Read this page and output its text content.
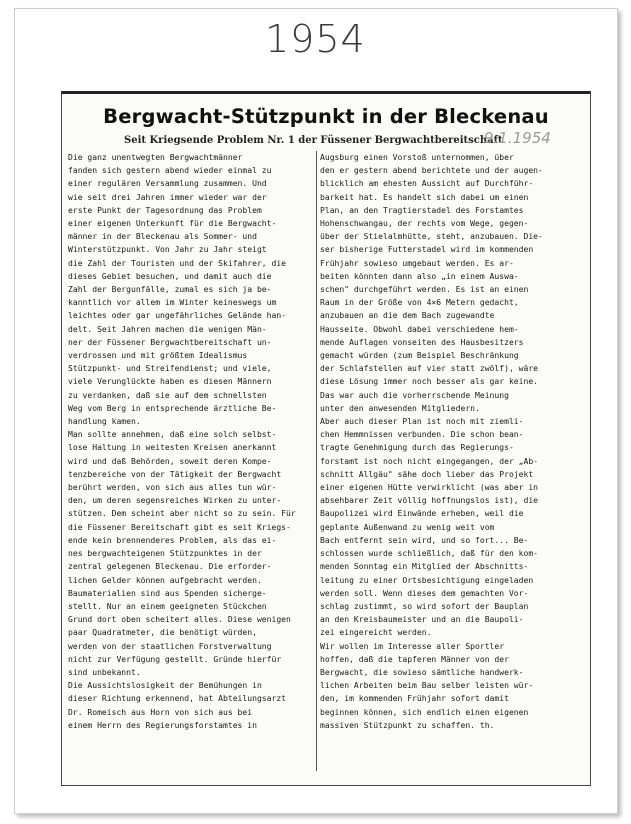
1954
Bergwacht-Stützpunkt in der Bleckenau
Seit Kriegsende Problem Nr. 1 der Füssener Bergwachtbereitschaft
9.1.1954
Die ganz unentwegten Bergwachtmänner
fanden sich gestern abend wieder einmal zu
einer regulären Versammlung zusammen. Und
wie seit drei Jahren immer wieder war der
erste Punkt der Tagesordnung das Problem
einer eigenen Unterkunft für die Bergwacht-
männer in der Bleckenau als Sommer- und
Winterstützpunkt. Von Jahr zu Jahr steigt
die Zahl der Touristen und der Skifahrer, die
dieses Gebiet besuchen, und damit auch die
Zahl der Bergunfälle, zumal es sich ja be-
kanntlich vor allem im Winter keineswegs um
leichtes oder gar ungefährliches Gelände han-
delt. Seit Jahren machen die wenigen Män-
ner der Füssener Bergwachtbereitschaft un-
verdrossen und mit größtem Idealismus
Stützpunkt- und Streifendienst; und viele,
viele Verunglückte haben es diesen Männern
zu verdanken, daß sie auf dem schnellsten
Weg vom Berg in entsprechende ärztliche Be-
handlung kamen.
Man sollte annehmen, daß eine solch selbst-
lose Haltung in weitesten Kreisen anerkannt
wird und daß Behörden, soweit deren Kompe-
tenzbereiche von der Tätigkeit der Bergwacht
berührt werden, von sich aus alles tun wür-
den, um deren segensreiches Wirken zu unter-
stützen. Dem scheint aber nicht so zu sein. Für
die Füssener Bereitschaft gibt es seit Kriegs-
ende kein brennenderes Problem, als das ei-
nes bergwachteigenen Stützpunktes in der
zentral gelegenen Bleckenau. Die erforder-
lichen Gelder können aufgebracht werden.
Baumaterialien sind aus Spenden sicherge-
stellt. Nur an einem geeigneten Stückchen
Grund dort oben scheitert alles. Diese wenigen
paar Quadratmeter, die benötigt würden,
werden von der staatlichen Forstverwaltung
nicht zur Verfügung gestellt. Gründe hierfür
sind unbekannt.
Die Aussichtslosigkeit der Bemühungen in
dieser Richtung erkennend, hat Abteilungsarzt
Dr. Romeisch aus Horn von sich aus bei
einem Herrn des Regierungsforstamtes in
Augsburg einen Vorstoß unternommen, über
den er gestern abend berichtete und der augen-
blicklich am ehesten Aussicht auf Durchführ-
barkeit hat. Es handelt sich dabei um einen
Plan, an den Tragtierstadel des Forstamtes
Hohenschwangau, der rechts vom Wege, gegen-
über der Stielalmhütte, steht, anzubauen. Die-
ser bisherige Futterstadel wird im kommenden
Frühjahr sowieso umgebaut werden. Es ar-
beiten könnten dann also „in einem Auswa-
schen" durchgeführt werden. Es ist an einen
Raum in der Größe von 4×6 Metern gedacht,
anzubauen an die dem Bach zugewandte
Hausseite. Obwohl dabei verschiedene hem-
mende Auflagen vonseiten des Hausbesitzers
gemacht würden (zum Beispiel Beschränkung
der Schlafstellen auf vier statt zwölf), wäre
diese Lösung immer noch besser als gar keine.
Das war auch die vorherrschende Meinung
unter den anwesenden Mitgliedern.
Aber auch dieser Plan ist noch mit ziemli-
chen Hemmnissen verbunden. Die schon bean-
tragte Genehmigung durch das Regierungs-
forstamt ist noch nicht eingegangen, der „Ab-
schnitt Allgäu" sähe doch lieber das Projekt
einer eigenen Hütte verwirklicht (was aber in
absehbarer Zeit völlig hoffnungslos ist), die
Baupolizei wird Einwände erheben, weil die
geplante Außenwand zu wenig weit vom
Bach entfernt sein wird, und so fort... Be-
schlossen wurde schließlich, daß für den kom-
menden Sonntag ein Mitglied der Abschnitts-
leitung zu einer Ortsbesichtigung eingeladen
werden soll. Wenn dieses dem gemachten Vor-
schlag zustimmt, so wird sofort der Bauplan
an den Kreisbaumeister und an die Baupoli-
zei eingereicht werden.
Wir wollen im Interesse aller Sportler
hoffen, daß die tapferen Männer von der
Bergwacht, die sowieso sämtliche handwerk-
lichen Arbeiten beim Bau selber leisten wür-
den, im kommenden Frühjahr sofort damit
beginnen können, sich endlich einen eigenen
massiven Stützpunkt zu schaffen. th.
